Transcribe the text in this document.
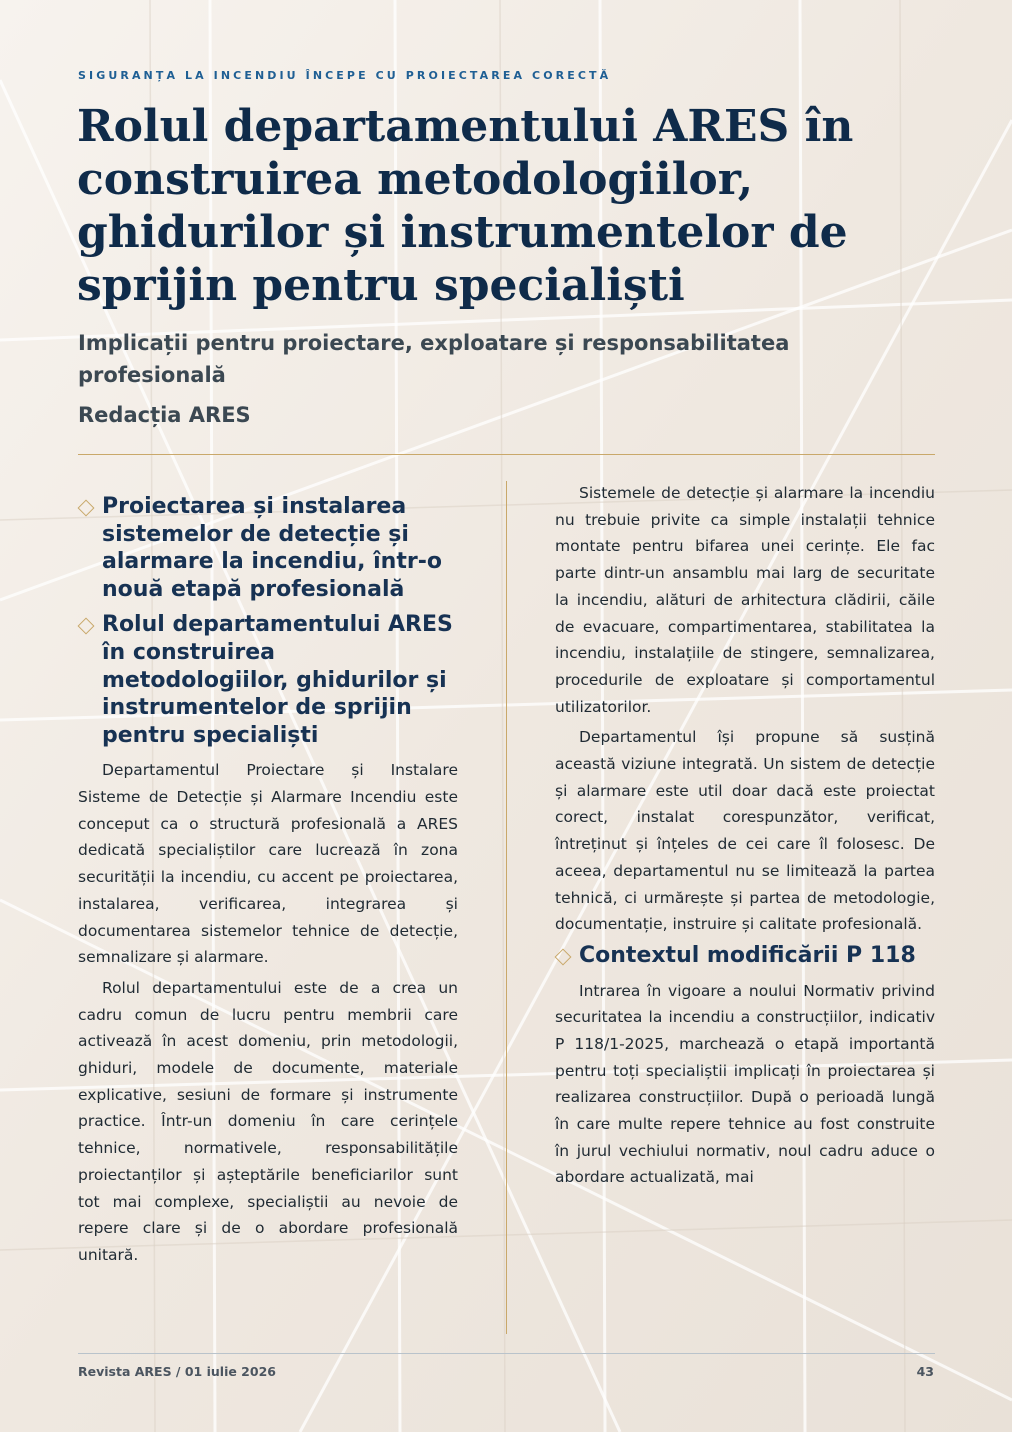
SIGURANȚA LA INCENDIU ÎNCEPE CU PROIECTAREA CORECTĂ
Rolul departamentului ARES în construirea metodologiilor, ghidurilor și instrumentelor de sprijin pentru specialiști
Implicații pentru proiectare, exploatare și responsabilitatea profesională
Redacția ARES
Proiectarea și instalarea sistemelor de detecție și alarmare la incendiu, într-o nouă etapă profesională
Rolul departamentului ARES în construirea metodologiilor, ghidurilor și instrumentelor de sprijin pentru specialiști

Departamentul Proiectare și Instalare Sisteme de Detecție și Alarmare Incendiu este conceput ca o structură profesională a ARES dedicată specialiștilor care lucrează în zona securității la incendiu, cu accent pe proiectarea, instalarea, verificarea, integrarea și documentarea sistemelor tehnice de detecție, semnalizare și alarmare.

Rolul departamentului este de a crea un cadru comun de lucru pentru membrii care activează în acest domeniu, prin metodologii, ghiduri, modele de documente, materiale explicative, sesiuni de formare și instrumente practice. Într-un domeniu în care cerințele tehnice, normativele, responsabilitățile proiectanților și așteptările beneficiarilor sunt tot mai complexe, specialiștii au nevoie de repere clare și de o abordare profesională unitară.

Sistemele de detecție și alarmare la incendiu nu trebuie privite ca simple instalații tehnice montate pentru bifarea unei cerințe. Ele fac parte dintr-un ansamblu mai larg de securitate la incendiu, alături de arhitectura clădirii, căile de evacuare, compartimentarea, stabilitatea la incendiu, instalațiile de stingere, semnalizarea, procedurile de exploatare și comportamentul utilizatorilor.

Departamentul își propune să susțină această viziune integrată. Un sistem de detecție și alarmare este util doar dacă este proiectat corect, instalat corespunzător, verificat, întreținut și înțeles de cei care îl folosesc. De aceea, departamentul nu se limitează la partea tehnică, ci urmărește și partea de metodologie, documentație, instruire și calitate profesională.

Contextul modificării P 118

Intrarea în vigoare a noului Normativ privind securitatea la incendiu a construcțiilor, indicativ P 118/1-2025, marchează o etapă importantă pentru toți specialiștii implicați în proiectarea și realizarea construcțiilor. După o perioadă lungă în care multe repere tehnice au fost construite în jurul vechiului normativ, noul cadru aduce o abordare actualizată, mai

Revista ARES / 01 iulie 2026	43
